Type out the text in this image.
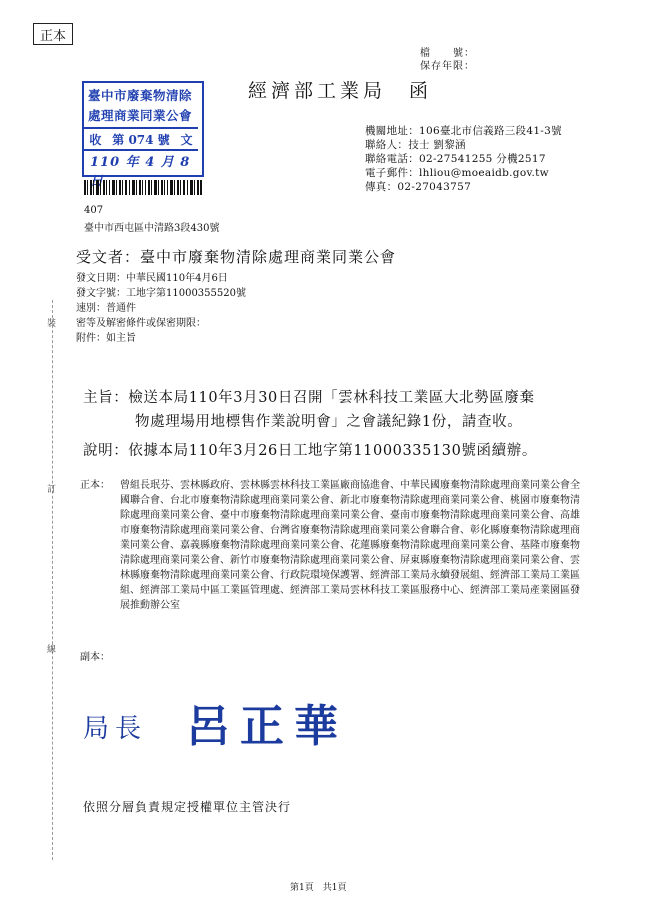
正本
檔　　號：
保存年限：
經濟部工業局　函
臺中市廢棄物清除
處理商業同業公會
收 第 074 號 文
110 年 4 月 8
機關地址：106臺北市信義路三段41-3號
聯絡人：技士 劉黎涵
聯絡電話：02-27541255 分機2517
電子郵件：lhliou@moeaidb.gov.tw
傳真：02-27043757
407
臺中市西屯區中清路3段430號
受文者：臺中市廢棄物清除處理商業同業公會
發文日期：中華民國110年4月6日
發文字號：工地字第11000355520號
速別：普通件
密等及解密條件或保密期限：
附件：如主旨
主旨：檢送本局110年3月30日召開「雲林科技工業區大北勢區廢棄
物處理場用地標售作業說明會」之會議紀錄1份，請查收。
說明：依據本局110年3月26日工地字第11000335130號函續辦。
正本： 曾組長珉芬、雲林縣政府、雲林縣雲林科技工業區廠商協進會、中華民國廢棄物清除處理商業同業公會全國聯合會、台北市廢棄物清除處理商業同業公會、新北市廢棄物清除處理商業同業公會、桃園市廢棄物清除處理商業同業公會、臺中市廢棄物清除處理商業同業公會、臺南市廢棄物清除處理商業同業公會、高雄市廢棄物清除處理商業同業公會、台灣省廢棄物清除處理商業同業公會聯合會、彰化縣廢棄物清除處理商業同業公會、嘉義縣廢棄物清除處理商業同業公會、花蓮縣廢棄物清除處理商業同業公會、基隆市廢棄物清除處理商業同業公會、新竹市廢棄物清除處理商業同業公會、屏東縣廢棄物清除處理商業同業公會、雲林縣廢棄物清除處理商業同業公會、行政院環境保護署、經濟部工業局永續發展組、經濟部工業局工業區組、經濟部工業局中區工業區管理處、經濟部工業局雲林科技工業區服務中心、經濟部工業局產業園區發展推動辦公室
副本：
局長 呂正華
依照分層負責規定授權單位主管決行
第1頁　共1頁
裝
訂
線
